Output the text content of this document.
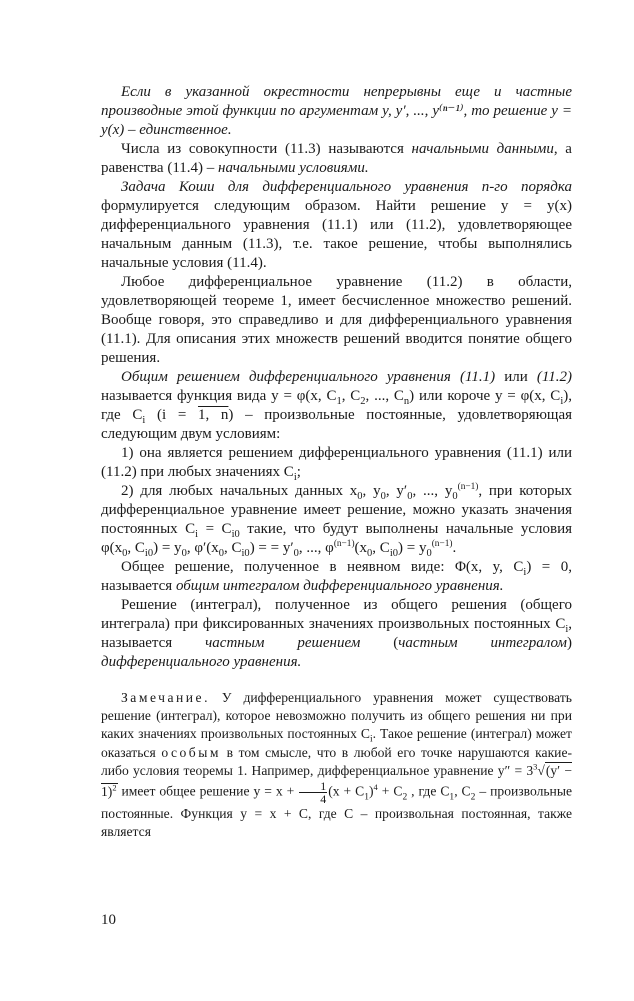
Если в указанной окрестности непрерывны еще и частные производные этой функции по аргументам y, y′, ..., y⁽ⁿ⁻¹⁾, то решение y = y(x) – единственное.

Числа из совокупности (11.3) называются начальными данными, а равенства (11.4) – начальными условиями.

Задача Коши для дифференциального уравнения n-го порядка формулируется следующим образом. Найти решение y = y(x) дифференциального уравнения (11.1) или (11.2), удовлетворяющее начальным данным (11.3), т.е. такое решение, чтобы выполнялись начальные условия (11.4).

Любое дифференциальное уравнение (11.2) в области, удовлетворяющей теореме 1, имеет бесчисленное множество решений. Вообще говоря, это справедливо и для дифференциального уравнения (11.1). Для описания этих множеств решений вводится понятие общего решения.

Общим решением дифференциального уравнения (11.1) или (11.2) называется функция вида y = φ(x, $C_1$, $C_2$, ..., $C_n$) или короче y = φ(x, $C_i$), где $C_i$ (i = 1, n) – произвольные постоянные, удовлетворяющая следующим двум условиям:

1) она является решением дифференциального уравнения (11.1) или (11.2) при любых значениях $C_i$;

2) для любых начальных данных $x_0$, $y_0$, $y'_0$, ..., $y_0^{(n-1)}$, при которых дифференциальное уравнение имеет решение, можно указать значения постоянных $C_i = C_{i0}$ такие, что будут выполнены начальные условия $\varphi(x_0$, $C_{i0}) = y_0$, $\varphi'(x_0$, $C_{i0}$) = = $y'_0$, ..., $\varphi^{(n-1)}(x_0$, $C_{i0}) = y_0^{(n-1)}$.

Общее решение, полученное в неявном виде: Φ(x, y, $C_i) = 0$, называется общим интегралом дифференциального уравнения.

Решение (интеграл), полученное из общего решения (общего интеграла) при фиксированных значениях произвольных постоянных $C_i$, называется частным решением (частным интегралом) дифференциального уравнения.

Замечание. У дифференциального уравнения может существовать решение (интеграл), которое невозможно получить из общего решения ни при каких значениях произвольных постоянных $C_i$. Такое решение (интеграл) может оказаться особым в том смысле, что в любой его точке нарушаются какие-либо условия теоремы 1. Например, дифференциальное уравнение $y'' = 3^3√(y' - 1)^2$ имеет общее решение $y = x + \frac{1}{4} (x + C_1)^4 + C_2$ , где $C_1$, $C_2$ – произвольные постоянные. Функция y = x + C, где C – произвольная постоянная, также является

10
